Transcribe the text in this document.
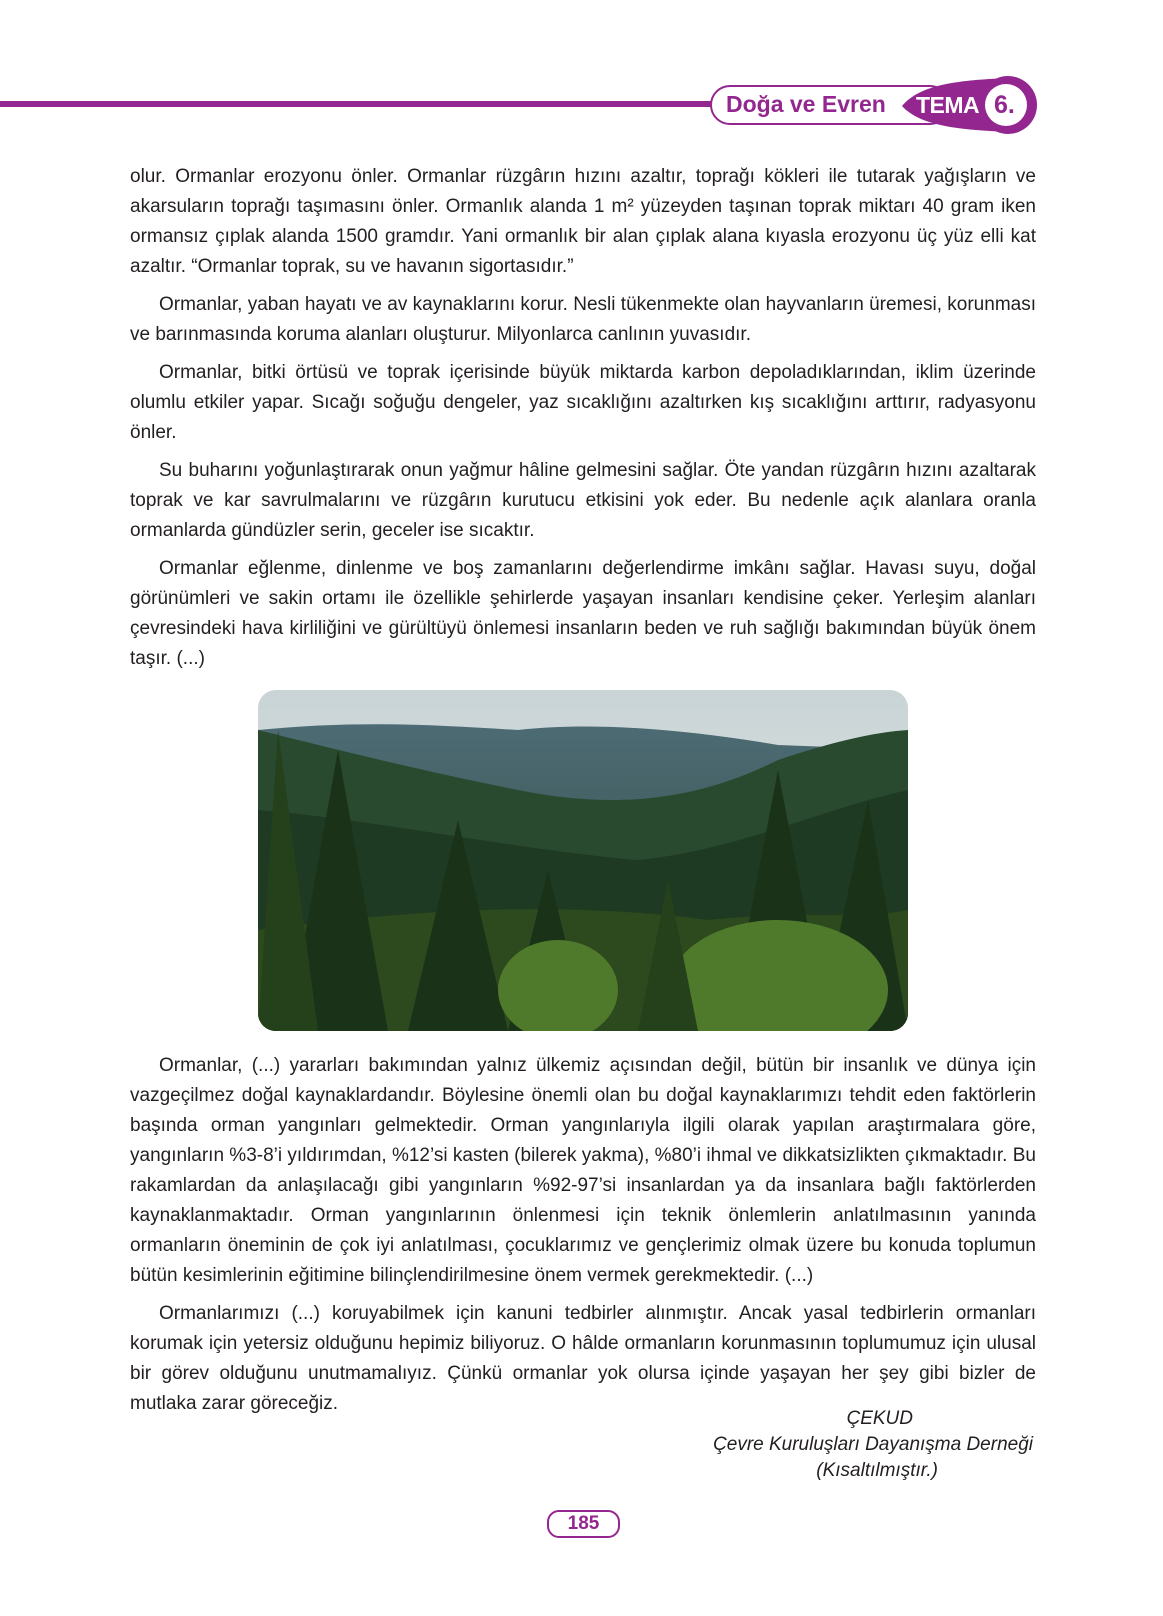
Doğa ve Evren TEMA 6.

olur. Ormanlar erozyonu önler. Ormanlar rüzgârın hızını azaltır, toprağı kökleri ile tutarak yağışların ve akarsuların toprağı taşımasını önler. Ormanlık alanda 1 m² yüzeyden taşınan toprak miktarı 40 gram iken ormansız çıplak alanda 1500 gramdır. Yani ormanlık bir alan çıplak alana kıyasla erozyonu üç yüz elli kat azaltır. “Ormanlar toprak, su ve havanın sigortasıdır.”

Ormanlar, yaban hayatı ve av kaynaklarını korur. Nesli tükenmekte olan hayvanların üremesi, korunması ve barınmasında koruma alanları oluşturur. Milyonlarca canlının yuvasıdır.

Ormanlar, bitki örtüsü ve toprak içerisinde büyük miktarda karbon depoladıklarından, iklim üzerinde olumlu etkiler yapar. Sıcağı soğuğu dengeler, yaz sıcaklığını azaltırken kış sıcaklığını arttırır, radyasyonu önler.

Su buharını yoğunlaştırarak onun yağmur hâline gelmesini sağlar. Öte yandan rüzgârın hızını azaltarak toprak ve kar savrulmalarını ve rüzgârın kurutucu etkisini yok eder. Bu nedenle açık alanlara oranla ormanlarda gündüzler serin, geceler ise sıcaktır.

Ormanlar eğlenme, dinlenme ve boş zamanlarını değerlendirme imkânı sağlar. Havası suyu, doğal görünümleri ve sakin ortamı ile özellikle şehirlerde yaşayan insanları kendisine çeker. Yerleşim alanları çevresindeki hava kirliliğini ve gürültüyü önlemesi insanların beden ve ruh sağlığı bakımından büyük önem taşır. (...)

Ormanlar, (...) yararları bakımından yalnız ülkemiz açısından değil, bütün bir insanlık ve dünya için vazgeçilmez doğal kaynaklardandır. Böylesine önemli olan bu doğal kaynaklarımızı tehdit eden faktörlerin başında orman yangınları gelmektedir. Orman yangınlarıyla ilgili olarak yapılan araştırmalara göre, yangınların %3-8’i yıldırımdan, %12’si kasten (bilerek yakma), %80’i ihmal ve dikkatsizlikten çıkmaktadır. Bu rakamlardan da anlaşılacağı gibi yangınların %92-97’si insanlardan ya da insanlara bağlı faktörlerden kaynaklanmaktadır. Orman yangınlarının önlenmesi için teknik önlemlerin anlatılmasının yanında ormanların öneminin de çok iyi anlatılması, çocuklarımız ve gençlerimiz olmak üzere bu konuda toplumun bütün kesimlerinin eğitimine bilinçlendirilmesine önem vermek gerekmektedir. (...)

Ormanlarımızı (...) koruyabilmek için kanuni tedbirler alınmıştır. Ancak yasal tedbirlerin ormanları korumak için yetersiz olduğunu hepimiz biliyoruz. O hâlde ormanların korunmasının toplumumuz için ulusal bir görev olduğunu unutmamalıyız. Çünkü ormanlar yok olursa içinde yaşayan her şey gibi bizler de mutlaka zarar göreceğiz.

ÇEKUD
Çevre Kuruluşları Dayanışma Derneği
(Kısaltılmıştır.)
185
